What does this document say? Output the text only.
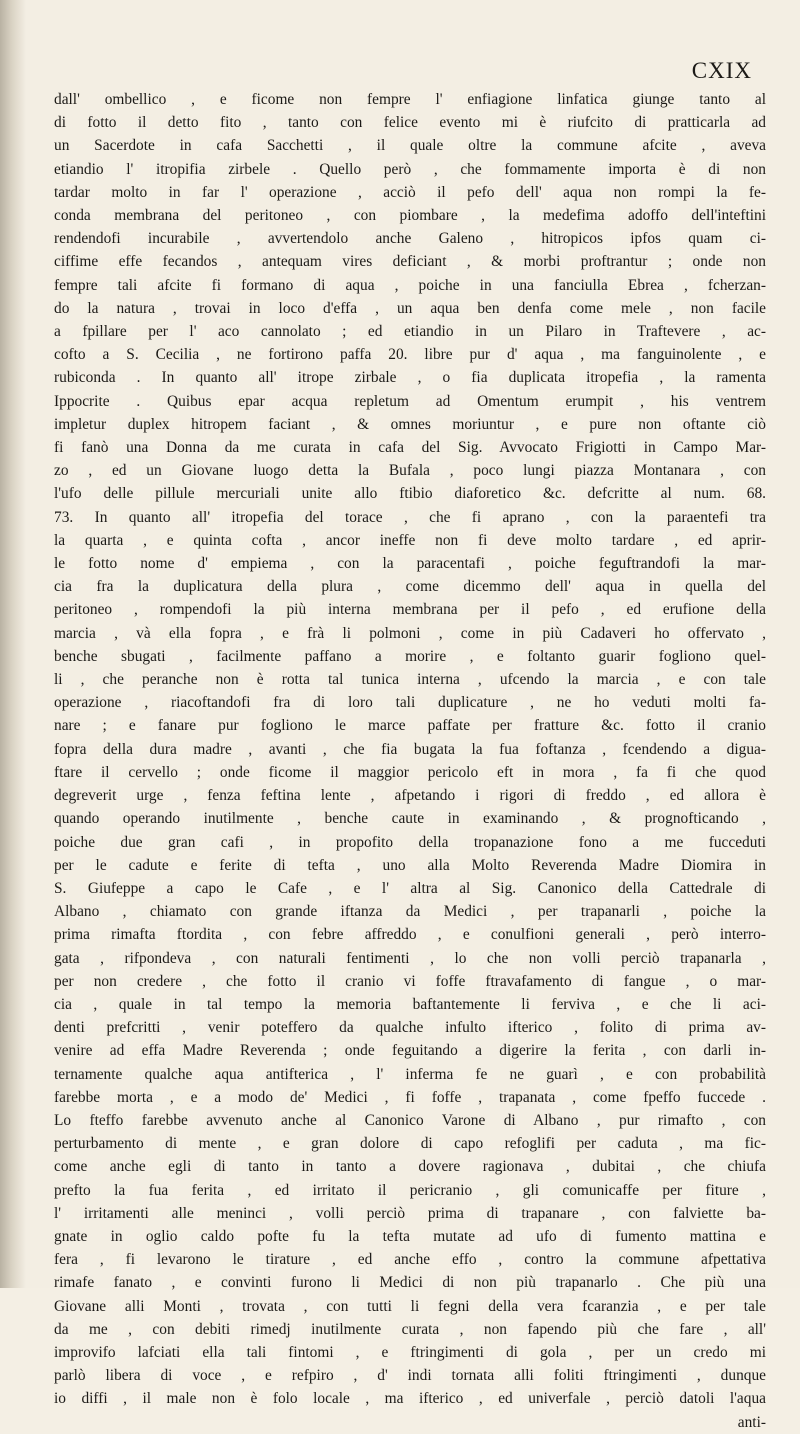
CXIX
dall' ombellico , e ficome non fempre l' enfiagione linfatica giunge tanto al
di fotto il detto fito , tanto con felice evento mi è riufcito di pratticarla ad
un Sacerdote in cafa Sacchetti , il quale oltre la commune afcite , aveva
etiandio l' itropifia zirbele . Quello però , che fommamente importa è di non
tardar molto in far l' operazione , acciò il pefo dell' aqua non rompi la fe-
conda membrana del peritoneo , con piombare , la medefima adoffo dell'inteftini
rendendofi incurabile , avvertendolo anche Galeno , hitropicos ipfos quam ci-
ciffime effe fecandos , antequam vires deficiant , & morbi proftrantur ; onde non
fempre tali afcite fi formano di aqua , poiche in una fanciulla Ebrea , fcherzan-
do la natura , trovai in loco d'effa , un aqua ben denfa come mele , non facile
a fpillare per l' aco cannolato ; ed etiandio in un Pilaro in Traftevere , ac-
cofto a S. Cecilia , ne fortirono paffa 20. libre pur d' aqua , ma fanguinolente , e
rubiconda . In quanto all' itrope zirbale , o fia duplicata itropefia , la ramenta
Ippocrite . Quibus epar acqua repletum ad Omentum erumpit , his ventrem
impletur duplex hitropem faciant , & omnes moriuntur , e pure non oftante ciò
fi fanò una Donna da me curata in cafa del Sig. Avvocato Frigiotti in Campo Mar-
zo , ed un Giovane luogo detta la Bufala , poco lungi piazza Montanara , con
l'ufo delle pillule mercuriali unite allo ftibio diaforetico &c. defcritte al num. 68.
73. In quanto all' itropefia del torace , che fi aprano , con la paraentefi tra
la quarta , e quinta cofta , ancor ineffe non fi deve molto tardare , ed aprir-
le fotto nome d' empiema , con la paracentafi , poiche feguftrandofi la mar-
cia fra la duplicatura della plura , come dicemmo dell' aqua in quella del
peritoneo , rompendofi la più interna membrana per il pefo , ed erufione della
marcia , và ella fopra , e frà li polmoni , come in più Cadaveri ho offervato ,
benche sbugati , facilmente paffano a morire , e foltanto guarir fogliono quel-
li , che peranche non è rotta tal tunica interna , ufcendo la marcia , e con tale
operazione , riacoftandofi fra di loro tali duplicature , ne ho veduti molti fa-
nare ; e fanare pur fogliono le marce paffate per fratture &c. fotto il cranio
fopra della dura madre , avanti , che fia bugata la fua foftanza , fcendendo a digua-
ftare il cervello ; onde ficome il maggior pericolo eft in mora , fa fi che quod
degreverit urge , fenza feftina lente , afpetando i rigori di freddo , ed allora è
quando operando inutilmente , benche caute in examinando , & prognofticando ,
poiche due gran cafi , in propofito della tropanazione fono a me fucceduti
per le cadute e ferite di tefta , uno alla Molto Reverenda Madre Diomira in
S. Giufeppe a capo le Cafe , e l' altra al Sig. Canonico della Cattedrale di
Albano , chiamato con grande iftanza da Medici , per trapanarli , poiche la
prima rimafta ftordita , con febre affreddo , e conulfioni generali , però interro-
gata , rifpondeva , con naturali fentimenti , lo che non volli perciò trapanarla ,
per non credere , che fotto il cranio vi foffe ftravafamento di fangue , o mar-
cia , quale in tal tempo la memoria baftantemente li ferviva , e che li aci-
denti prefcritti , venir poteffero da qualche infulto ifterico , folito di prima av-
venire ad effa Madre Reverenda ; onde feguitando a digerire la ferita , con darli in-
ternamente qualche aqua antifterica , l' inferma fe ne guarì , e con probabilità
farebbe morta , e a modo de' Medici , fi foffe , trapanata , come fpeffo fuccede .
Lo fteffo farebbe avvenuto anche al Canonico Varone di Albano , pur rimafto , con
perturbamento di mente , e gran dolore di capo refoglifi per caduta , ma fic-
come anche egli di tanto in tanto a dovere ragionava , dubitai , che chiufa
prefto la fua ferita , ed irritato il pericranio , gli comunicaffe per fiture ,
l' irritamenti alle meninci , volli perciò prima di trapanare , con falviette ba-
gnate in oglio caldo pofte fu la tefta mutate ad ufo di fumento mattina e
fera , fi levarono le tirature , ed anche effo , contro la commune afpettativa
rimafe fanato , e convinti furono li Medici di non più trapanarlo . Che più una
Giovane alli Monti , trovata , con tutti li fegni della vera fcaranzia , e per tale
da me , con debiti rimedj inutilmente curata , non fapendo più che fare , all'
improvifo lafciati ella tali fintomi , e ftringimenti di gola , per un credo mi
parlò libera di voce , e refpiro , d' indi tornata alli foliti ftringimenti , dunque
io diffi , il male non è folo locale , ma ifterico , ed univerfale , perciò datoli l'aqua
anti-
